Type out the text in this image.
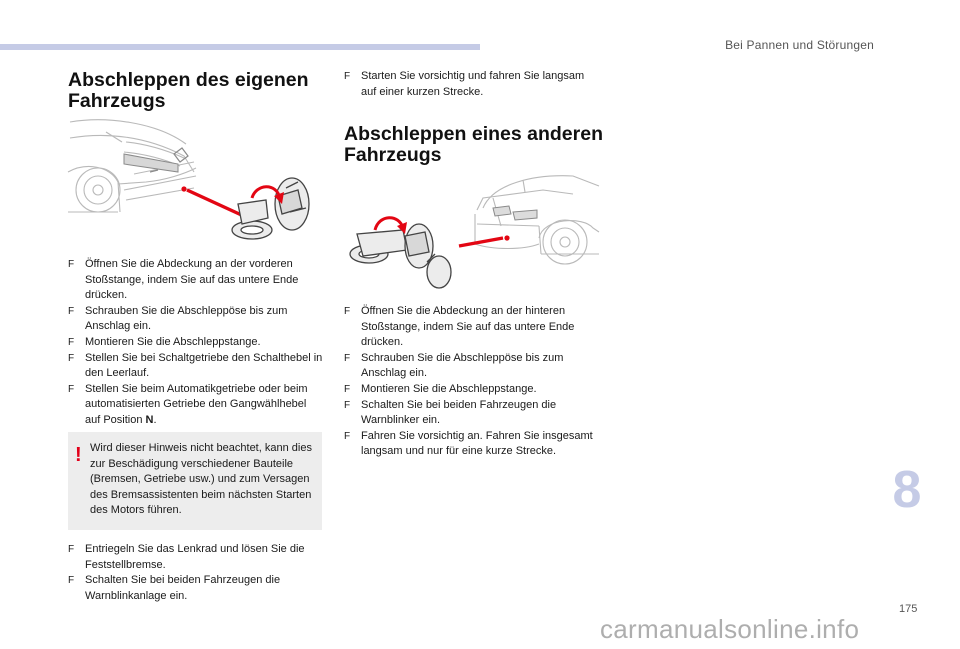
Bei Pannen und Störungen
Abschleppen des eigenen
Fahrzeugs
F Öffnen Sie die Abdeckung an der vorderen Stoßstange, indem Sie auf das untere Ende drücken.
F Schrauben Sie die Abschleppöse bis zum Anschlag ein.
F Montieren Sie die Abschleppstange.
F Stellen Sie bei Schaltgetriebe den Schalthebel in den Leerlauf.
F Stellen Sie beim Automatikgetriebe oder beim automatisierten Getriebe den Gangwählhebel auf Position N.
! Wird dieser Hinweis nicht beachtet, kann dies zur Beschädigung verschiedener Bauteile (Bremsen, Getriebe usw.) und zum Versagen des Bremsassistenten beim nächsten Starten des Motors führen.
F Entriegeln Sie das Lenkrad und lösen Sie die Feststellbremse.
F Schalten Sie bei beiden Fahrzeugen die Warnblinkanlage ein.
F Starten Sie vorsichtig und fahren Sie langsam auf einer kurzen Strecke.
Abschleppen eines anderen
Fahrzeugs
F Öffnen Sie die Abdeckung an der hinteren Stoßstange, indem Sie auf das untere Ende drücken.
F Schrauben Sie die Abschleppöse bis zum Anschlag ein.
F Montieren Sie die Abschleppstange.
F Schalten Sie bei beiden Fahrzeugen die Warnblinker ein.
F Fahren Sie vorsichtig an. Fahren Sie insgesamt langsam und nur für eine kurze Strecke.
8
175
carmanualsonline.info
